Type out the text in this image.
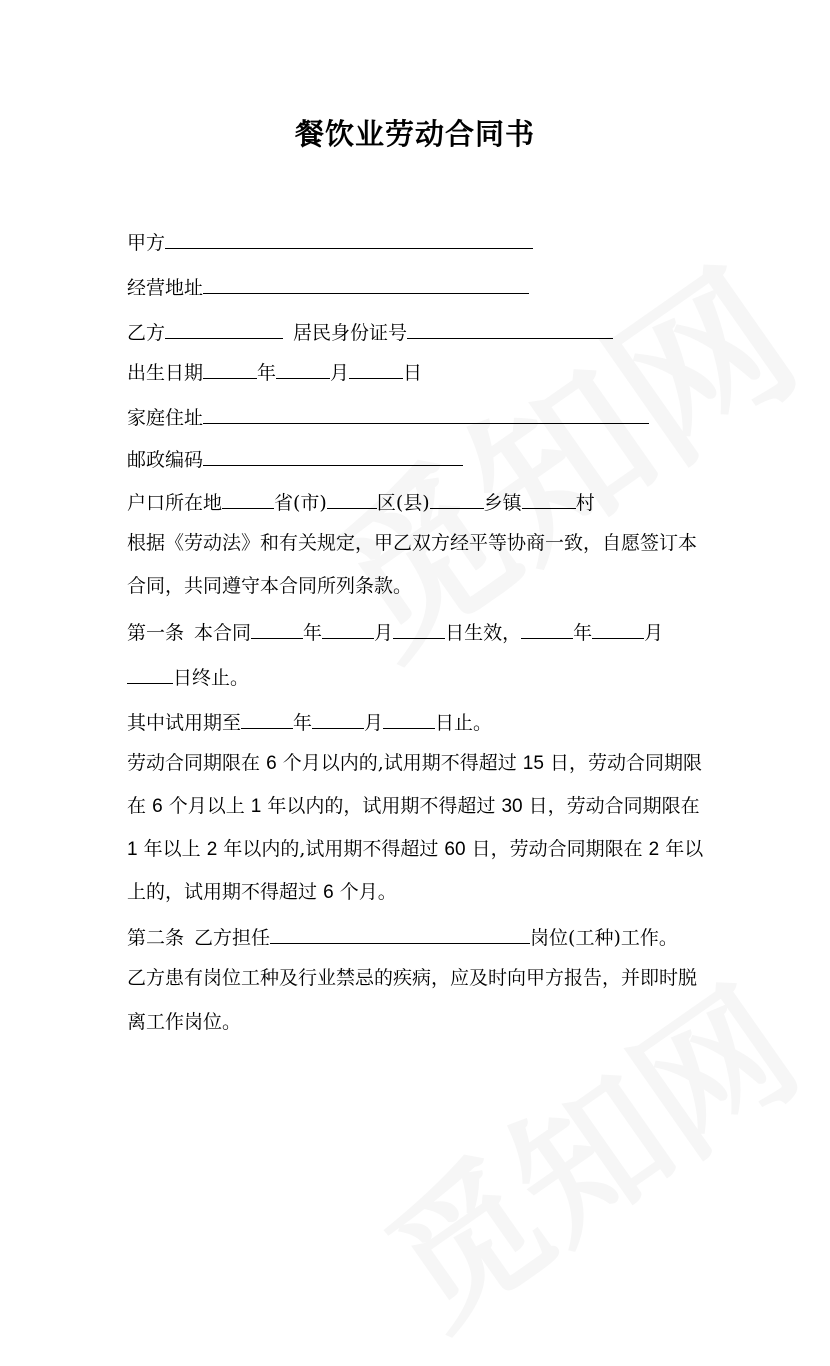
餐饮业劳动合同书
甲方
经营地址
乙方	居民身份证号
出生日期	年	月	日
家庭住址
邮政编码
户口所在地	省(市)	区(县)	乡镇	村
根据《劳动法》和有关规定，甲乙双方经平等协商一致，自愿签订本
合同，共同遵守本合同所列条款。
第一条 本合同	年	月	日生效，	年	月
日终止。
其中试用期至	年	月	日止。
劳动合同期限在 6 个月以内的,试用期不得超过 15 日，劳动合同期限
在 6 个月以上 1 年以内的，试用期不得超过 30 日，劳动合同期限在
1 年以上 2 年以内的,试用期不得超过 60 日，劳动合同期限在 2 年以
上的，试用期不得超过 6 个月。
第二条 乙方担任	岗位(工种)工作。
乙方患有岗位工种及行业禁忌的疾病，应及时向甲方报告，并即时脱
离工作岗位。
